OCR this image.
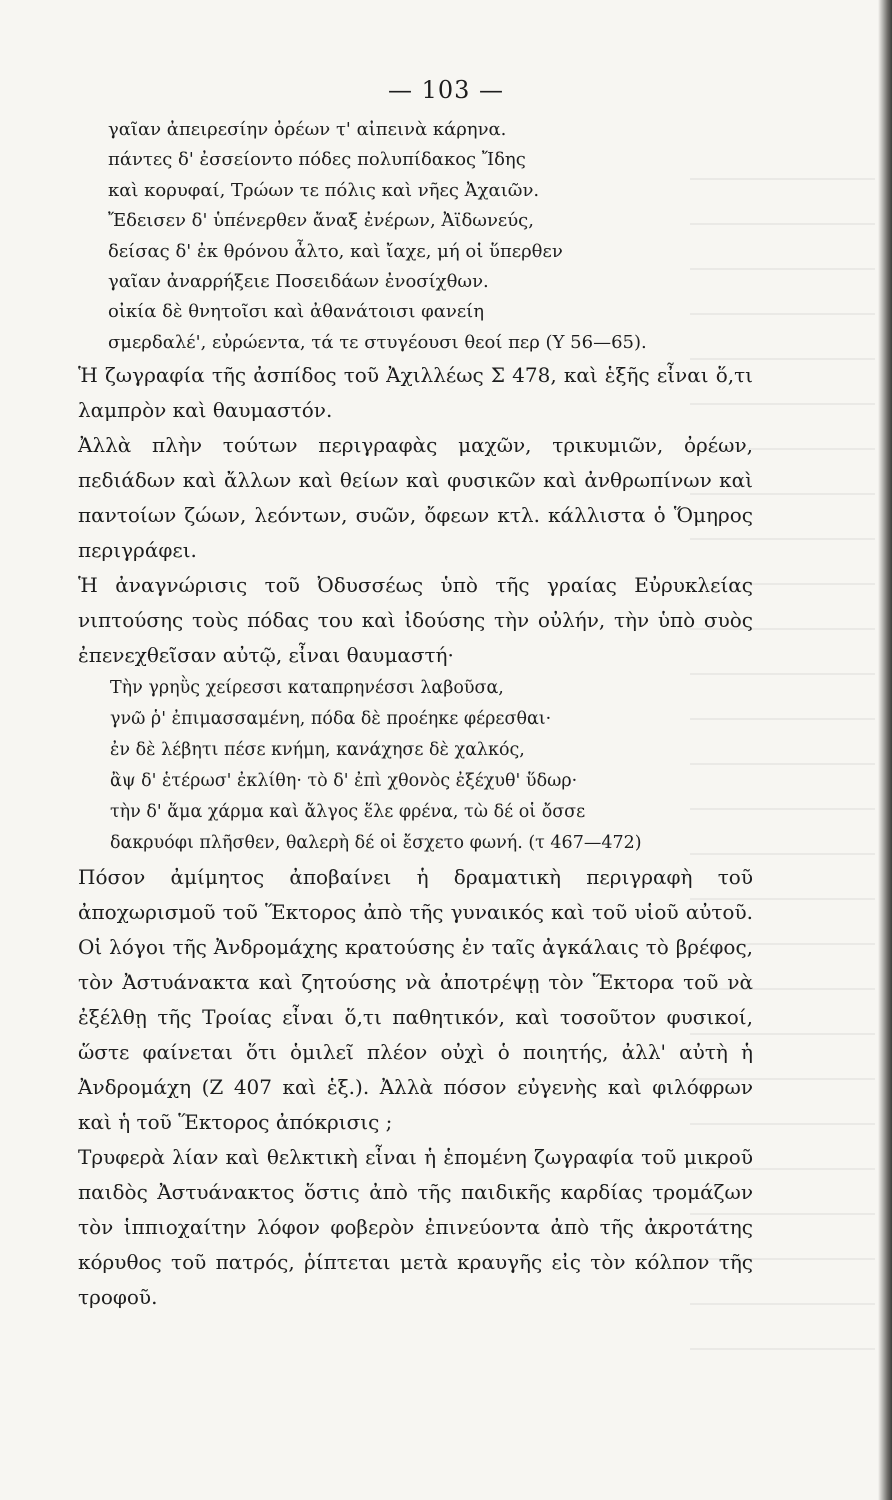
— 103 —
γαῖαν ἀπειρεσίην ὀρέων τ' αἰπεινὰ κάρηνα.
πάντες δ' ἐσσείοντο πόδες πολυπίδακος Ἴδης
καὶ κορυφαί, Τρώων τε πόλις καὶ νῆες Ἀχαιῶν.
Ἔδεισεν δ' ὑπένερθεν ἄναξ ἐνέρων, Ἀϊδωνεύς,
δείσας δ' ἐκ θρόνου ἆλτο, καὶ ἴαχε, μή οἱ ὕπερθεν
γαῖαν ἀναρρήξειε Ποσειδάων ἐνοσίχθων.
οἰκία δὲ θνητοῖσι καὶ ἀθανάτοισι φανείη
σμερδαλέ', εὐρώεντα, τά τε στυγέουσι θεοί περ (Υ 56—65).

Ἡ ζωγραφία τῆς ἀσπίδος τοῦ Ἀχιλλέως Σ 478, καὶ ἑξῆς εἶναι ὅ,τι λαμπρὸν καὶ θαυμαστόν.

Ἀλλὰ πλὴν τούτων περιγραφὰς μαχῶν, τρικυμιῶν, ὀρέων, πεδιάδων καὶ ἄλλων καὶ θείων καὶ φυσικῶν καὶ ἀνθρωπίνων καὶ παντοίων ζώων, λεόντων, συῶν, ὄφεων κτλ. κάλλιστα ὁ Ὅμηρος περιγράφει.

Ἡ ἀναγνώρισις τοῦ Ὀδυσσέως ὑπὸ τῆς γραίας Εὐρυκλείας νιπτούσης τοὺς πόδας του καὶ ἰδούσης τὴν οὐλήν, τὴν ὑπὸ συὸς ἐπενεχθεῖσαν αὐτῷ, εἶναι θαυμαστή·

Τὴν γρηῢς χείρεσσι καταπρηνέσσι λαβοῦσα,
γνῶ ῥ' ἐπιμασσαμένη, πόδα δὲ προέηκε φέρεσθαι·
ἐν δὲ λέβητι πέσε κνήμη, κανάχησε δὲ χαλκός,
ἂψ δ' ἑτέρωσ' ἐκλίθη· τὸ δ' ἐπὶ χθονὸς ἐξέχυθ' ὕδωρ·
τὴν δ' ἅμα χάρμα καὶ ἄλγος ἕλε φρένα, τὼ δέ οἱ ὄσσε
δακρυόφι πλῆσθεν, θαλερὴ δέ οἱ ἔσχετο φωνή. (τ 467—472)

Πόσον ἀμίμητος ἀποβαίνει ἡ δραματικὴ περιγραφὴ τοῦ ἀποχωρισμοῦ τοῦ Ἕκτορος ἀπὸ τῆς γυναικός καὶ τοῦ υἱοῦ αὐτοῦ. Οἱ λόγοι τῆς Ἀνδρομάχης κρατούσης ἐν ταῖς ἀγκάλαις τὸ βρέφος, τὸν Ἀστυάνακτα καὶ ζητούσης νὰ ἀποτρέψῃ τὸν Ἕκτορα τοῦ νὰ ἐξέλθῃ τῆς Τροίας εἶναι ὅ,τι παθητικόν, καὶ τοσοῦτον φυσικοί, ὥστε φαίνεται ὅτι ὁμιλεῖ πλέον οὐχὶ ὁ ποιητής, ἀλλ' αὐτὴ ἡ Ἀνδρομάχη (Ζ 407 καὶ ἑξ.). Ἀλλὰ πόσον εὐγενὴς καὶ φιλόφρων καὶ ἡ τοῦ Ἕκτορος ἀπόκρισις ;

Τρυφερὰ λίαν καὶ θελκτικὴ εἶναι ἡ ἑπομένη ζωγραφία τοῦ μικροῦ παιδὸς Ἀστυάνακτος ὅστις ἀπὸ τῆς παιδικῆς καρδίας τρομάζων τὸν ἱππιοχαίτην λόφον φοβερὸν ἐπινεύοντα ἀπὸ τῆς ἀκροτάτης κόρυθος τοῦ πατρός, ῥίπτεται μετὰ κραυγῆς εἰς τὸν κόλπον τῆς τροφοῦ.
